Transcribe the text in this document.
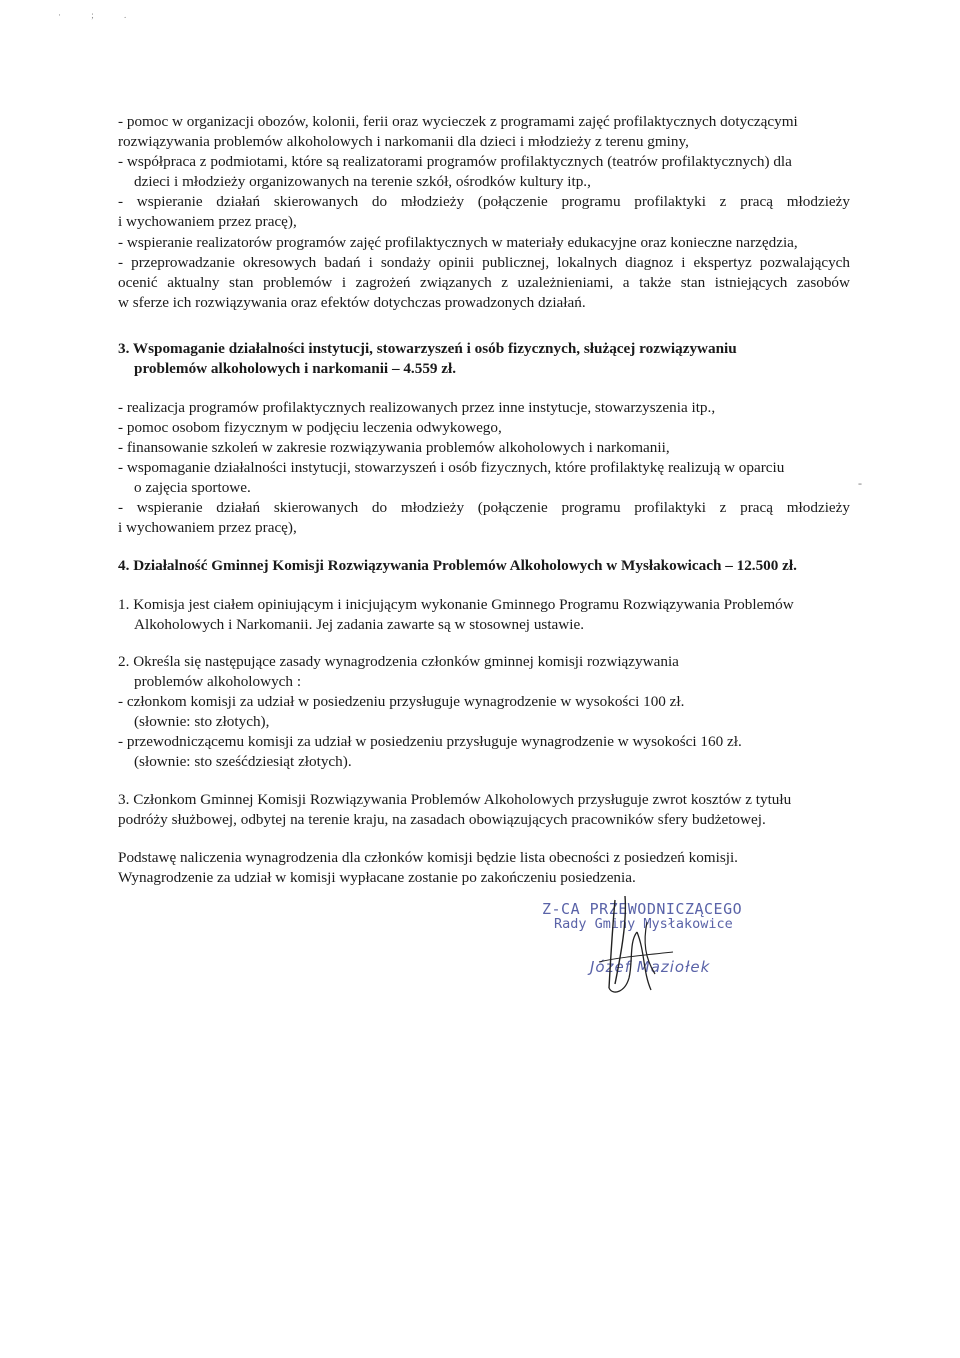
· ; .
- pomoc w organizacji obozów, kolonii, ferii oraz wycieczek z programami zajęć profilaktycznych dotyczącymi
rozwiązywania problemów alkoholowych i narkomanii dla dzieci i młodzieży z terenu gminy,
- współpraca z podmiotami, które są realizatorami programów profilaktycznych (teatrów profilaktycznych) dla
dzieci i młodzieży organizowanych na terenie szkół, ośrodków kultury itp.,
- wspieranie działań skierowanych do młodzieży (połączenie programu profilaktyki z pracą młodzieży
i wychowaniem przez pracę),
- wspieranie realizatorów programów zajęć profilaktycznych w materiały edukacyjne oraz konieczne narzędzia,
- przeprowadzanie okresowych badań i sondaży opinii publicznej, lokalnych diagnoz i ekspertyz pozwalających
ocenić aktualny stan problemów i zagrożeń związanych z uzależnieniami, a także stan istniejących zasobów
w sferze ich rozwiązywania oraz efektów dotychczas prowadzonych działań.
3. Wspomaganie działalności instytucji, stowarzyszeń i osób fizycznych, służącej rozwiązywaniu
problemów alkoholowych i narkomanii – 4.559 zł.
- realizacja programów profilaktycznych realizowanych przez inne instytucje, stowarzyszenia itp.,
- pomoc osobom fizycznym w podjęciu leczenia odwykowego,
- finansowanie szkoleń w zakresie rozwiązywania problemów alkoholowych i narkomanii,
- wspomaganie działalności instytucji, stowarzyszeń i osób fizycznych, które profilaktykę realizują w oparciu
o zajęcia sportowe.
- wspieranie działań skierowanych do młodzieży (połączenie programu profilaktyki z pracą młodzieży
i wychowaniem przez pracę),
-
4. Działalność Gminnej Komisji Rozwiązywania Problemów Alkoholowych w Mysłakowicach – 12.500 zł.
1. Komisja jest ciałem opiniującym i inicjującym wykonanie Gminnego Programu Rozwiązywania Problemów
Alkoholowych i Narkomanii. Jej zadania zawarte są w stosownej ustawie.
2. Określa się następujące zasady wynagrodzenia członków gminnej komisji rozwiązywania
problemów alkoholowych :
- członkom komisji za udział w posiedzeniu przysługuje wynagrodzenie w wysokości 100 zł.
(słownie: sto złotych),
- przewodniczącemu komisji za udział w posiedzeniu przysługuje wynagrodzenie w wysokości 160 zł.
(słownie: sto sześćdziesiąt złotych).
3. Członkom Gminnej Komisji Rozwiązywania Problemów Alkoholowych przysługuje zwrot kosztów z tytułu
podróży służbowej, odbytej na terenie kraju, na zasadach obowiązujących pracowników sfery budżetowej.
Podstawę naliczenia wynagrodzenia dla członków komisji będzie lista obecności z posiedzeń komisji.
Wynagrodzenie za udział w komisji wypłacane zostanie po zakończeniu posiedzenia.
Z-CA PRZEWODNICZĄCEGO
Rady Gminy Mysłakowice
Józef Maziołek
